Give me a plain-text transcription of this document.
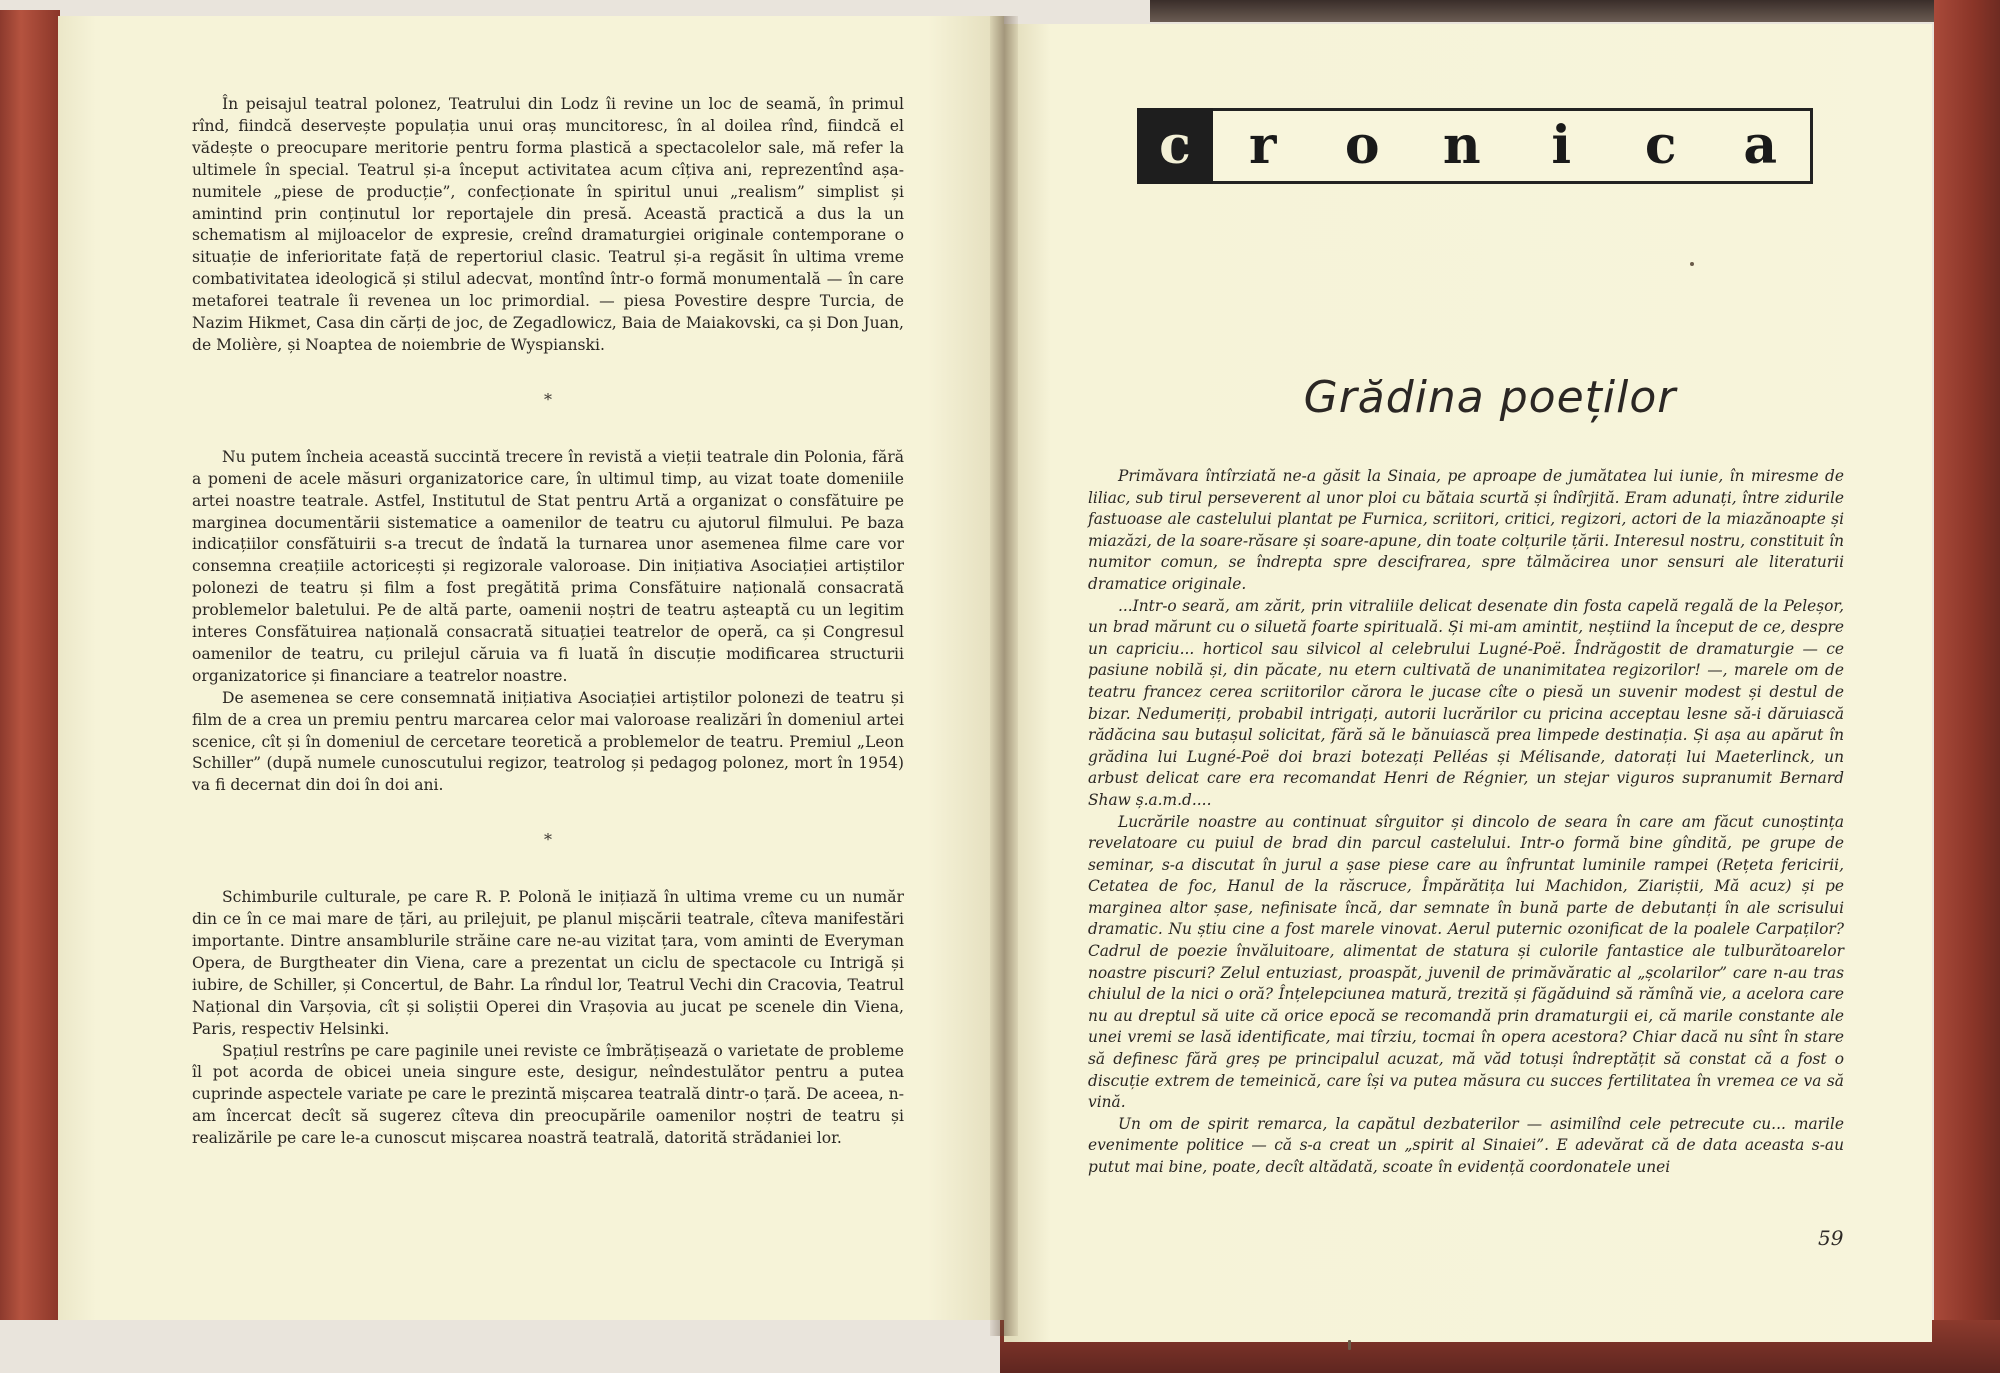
În peisajul teatral polonez, Teatrului din Lodz îi revine un loc de seamă, în primul rînd, fiindcă deservește populația unui oraș muncitoresc, în al doilea rînd, fiindcă el vădește o preocupare meritorie pentru forma plastică a spectacolelor sale, mă refer la ultimele în special. Teatrul și-a început activitatea acum cîțiva ani, reprezentînd așa-numitele „piese de producție”, confecționate în spiritul unui „realism” simplist și amintind prin conținutul lor reportajele din presă. Această practică a dus la un schematism al mijloacelor de expresie, creînd dramaturgiei originale contemporane o situație de inferioritate față de repertoriul clasic. Teatrul și-a regăsit în ultima vreme combativitatea ideologică și stilul adecvat, montînd într-o formă monumentală — în care metaforei teatrale îi revenea un loc primordial. — piesa Povestire despre Turcia, de Nazim Hikmet, Casa din cărți de joc, de Zegadlowicz, Baia de Maiakovski, ca și Don Juan, de Molière, și Noaptea de noiembrie de Wyspianski.

*

Nu putem încheia această succintă trecere în revistă a vieții teatrale din Polonia, fără a pomeni de acele măsuri organizatorice care, în ultimul timp, au vizat toate domeniile artei noastre teatrale. Astfel, Institutul de Stat pentru Artă a organizat o consfătuire pe marginea documentării sistematice a oamenilor de teatru cu ajutorul filmului. Pe baza indicațiilor consfătuirii s-a trecut de îndată la turnarea unor asemenea filme care vor consemna creațiile actoricești și regizorale valoroase. Din inițiativa Asociației artiștilor polonezi de teatru și film a fost pregătită prima Consfătuire națională consacrată problemelor baletului. Pe de altă parte, oamenii noștri de teatru așteaptă cu un legitim interes Consfătuirea națională consacrată situației teatrelor de operă, ca și Congresul oamenilor de teatru, cu prilejul căruia va fi luată în discuție modificarea structurii organizatorice și financiare a teatrelor noastre.

De asemenea se cere consemnată inițiativa Asociației artiștilor polonezi de teatru și film de a crea un premiu pentru marcarea celor mai valoroase realizări în domeniul artei scenice, cît și în domeniul de cercetare teoretică a problemelor de teatru. Premiul „Leon Schiller” (după numele cunoscutului regizor, teatrolog și pedagog polonez, mort în 1954) va fi decernat din doi în doi ani.

*

Schimburile culturale, pe care R. P. Polonă le inițiază în ultima vreme cu un număr din ce în ce mai mare de țări, au prilejuit, pe planul mișcării teatrale, cîteva manifestări importante. Dintre ansamblurile străine care ne-au vizitat țara, vom aminti de Everyman Opera, de Burgtheater din Viena, care a prezentat un ciclu de spectacole cu Intrigă și iubire, de Schiller, și Concertul, de Bahr. La rîndul lor, Teatrul Vechi din Cracovia, Teatrul Național din Varșovia, cît și soliștii Operei din Vrașovia au jucat pe scenele din Viena, Paris, respectiv Helsinki.

Spațiul restrîns pe care paginile unei reviste ce îmbrățișează o varietate de probleme îl pot acorda de obicei uneia singure este, desigur, neîndestulător pentru a putea cuprinde aspectele variate pe care le prezintă mișcarea teatrală dintr-o țară. De aceea, n-am încercat decît să sugerez cîteva din preocupările oamenilor noștri de teatru și realizările pe care le-a cunoscut mișcarea noastră teatrală, datorită strădaniei lor.

c	r	o	n	i	c	a
Grădina poeților

Primăvara întîrziată ne-a găsit la Sinaia, pe aproape de jumătatea lui iunie, în miresme de liliac, sub tirul perseverent al unor ploi cu bătaia scurtă și îndîrjită. Eram adunați, între zidurile fastuoase ale castelului plantat pe Furnica, scriitori, critici, regizori, actori de la miazănoapte și miazăzi, de la soare-răsare și soare-apune, din toate colțurile țării. Interesul nostru, constituit în numitor comun, se îndrepta spre descifrarea, spre tălmăcirea unor sensuri ale literaturii dramatice originale.

...Intr-o seară, am zărit, prin vitraliile delicat desenate din fosta capelă regală de la Peleșor, un brad mărunt cu o siluetă foarte spirituală. Și mi-am amintit, neștiind la început de ce, despre un capriciu... horticol sau silvicol al celebrului Lugné-Poë. Îndrăgostit de dramaturgie — ce pasiune nobilă și, din păcate, nu etern cultivată de unanimitatea regizorilor! —, marele om de teatru francez cerea scriitorilor cărora le jucase cîte o piesă un suvenir modest și destul de bizar. Nedumeriți, probabil intrigați, autorii lucrărilor cu pricina acceptau lesne să-i dăruiască rădăcina sau butașul solicitat, fără să le bănuiască prea limpede destinația. Și așa au apărut în grădina lui Lugné-Poë doi brazi botezați Pelléas și Mélisande, datorați lui Maeterlinck, un arbust delicat care era recomandat Henri de Régnier, un stejar viguros supranumit Bernard Shaw ș.a.m.d....

Lucrările noastre au continuat sîrguitor și dincolo de seara în care am făcut cunoștința revelatoare cu puiul de brad din parcul castelului. Intr-o formă bine gîndită, pe grupe de seminar, s-a discutat în jurul a șase piese care au înfruntat luminile rampei (Rețeta fericirii, Cetatea de foc, Hanul de la răscruce, Împărătița lui Machidon, Ziariștii, Mă acuz) și pe marginea altor șase, nefinisate încă, dar semnate în bună parte de debutanți în ale scrisului dramatic. Nu știu cine a fost marele vinovat. Aerul puternic ozonificat de la poalele Carpaților? Cadrul de poezie învăluitoare, alimentat de statura și culorile fantastice ale tulburătoarelor noastre piscuri? Zelul entuziast, proaspăt, juvenil de primăvăratic al „școlarilor” care n-au tras chiulul de la nici o oră? Înțelepciunea matură, trezită și făgăduind să rămînă vie, a acelora care nu au dreptul să uite că orice epocă se recomandă prin dramaturgii ei, că marile constante ale unei vremi se lasă identificate, mai tîrziu, tocmai în opera acestora? Chiar dacă nu sînt în stare să definesc fără greș pe principalul acuzat, mă văd totuși îndreptățit să constat că a fost o discuție extrem de temeinică, care își va putea măsura cu succes fertilitatea în vremea ce va să vină.

Un om de spirit remarca, la capătul dezbaterilor — asimilînd cele petrecute cu... marile evenimente politice — că s-a creat un „spirit al Sinaiei”. E adevărat că de data aceasta s-au putut mai bine, poate, decît altădată, scoate în evidență coordonatele unei

59
